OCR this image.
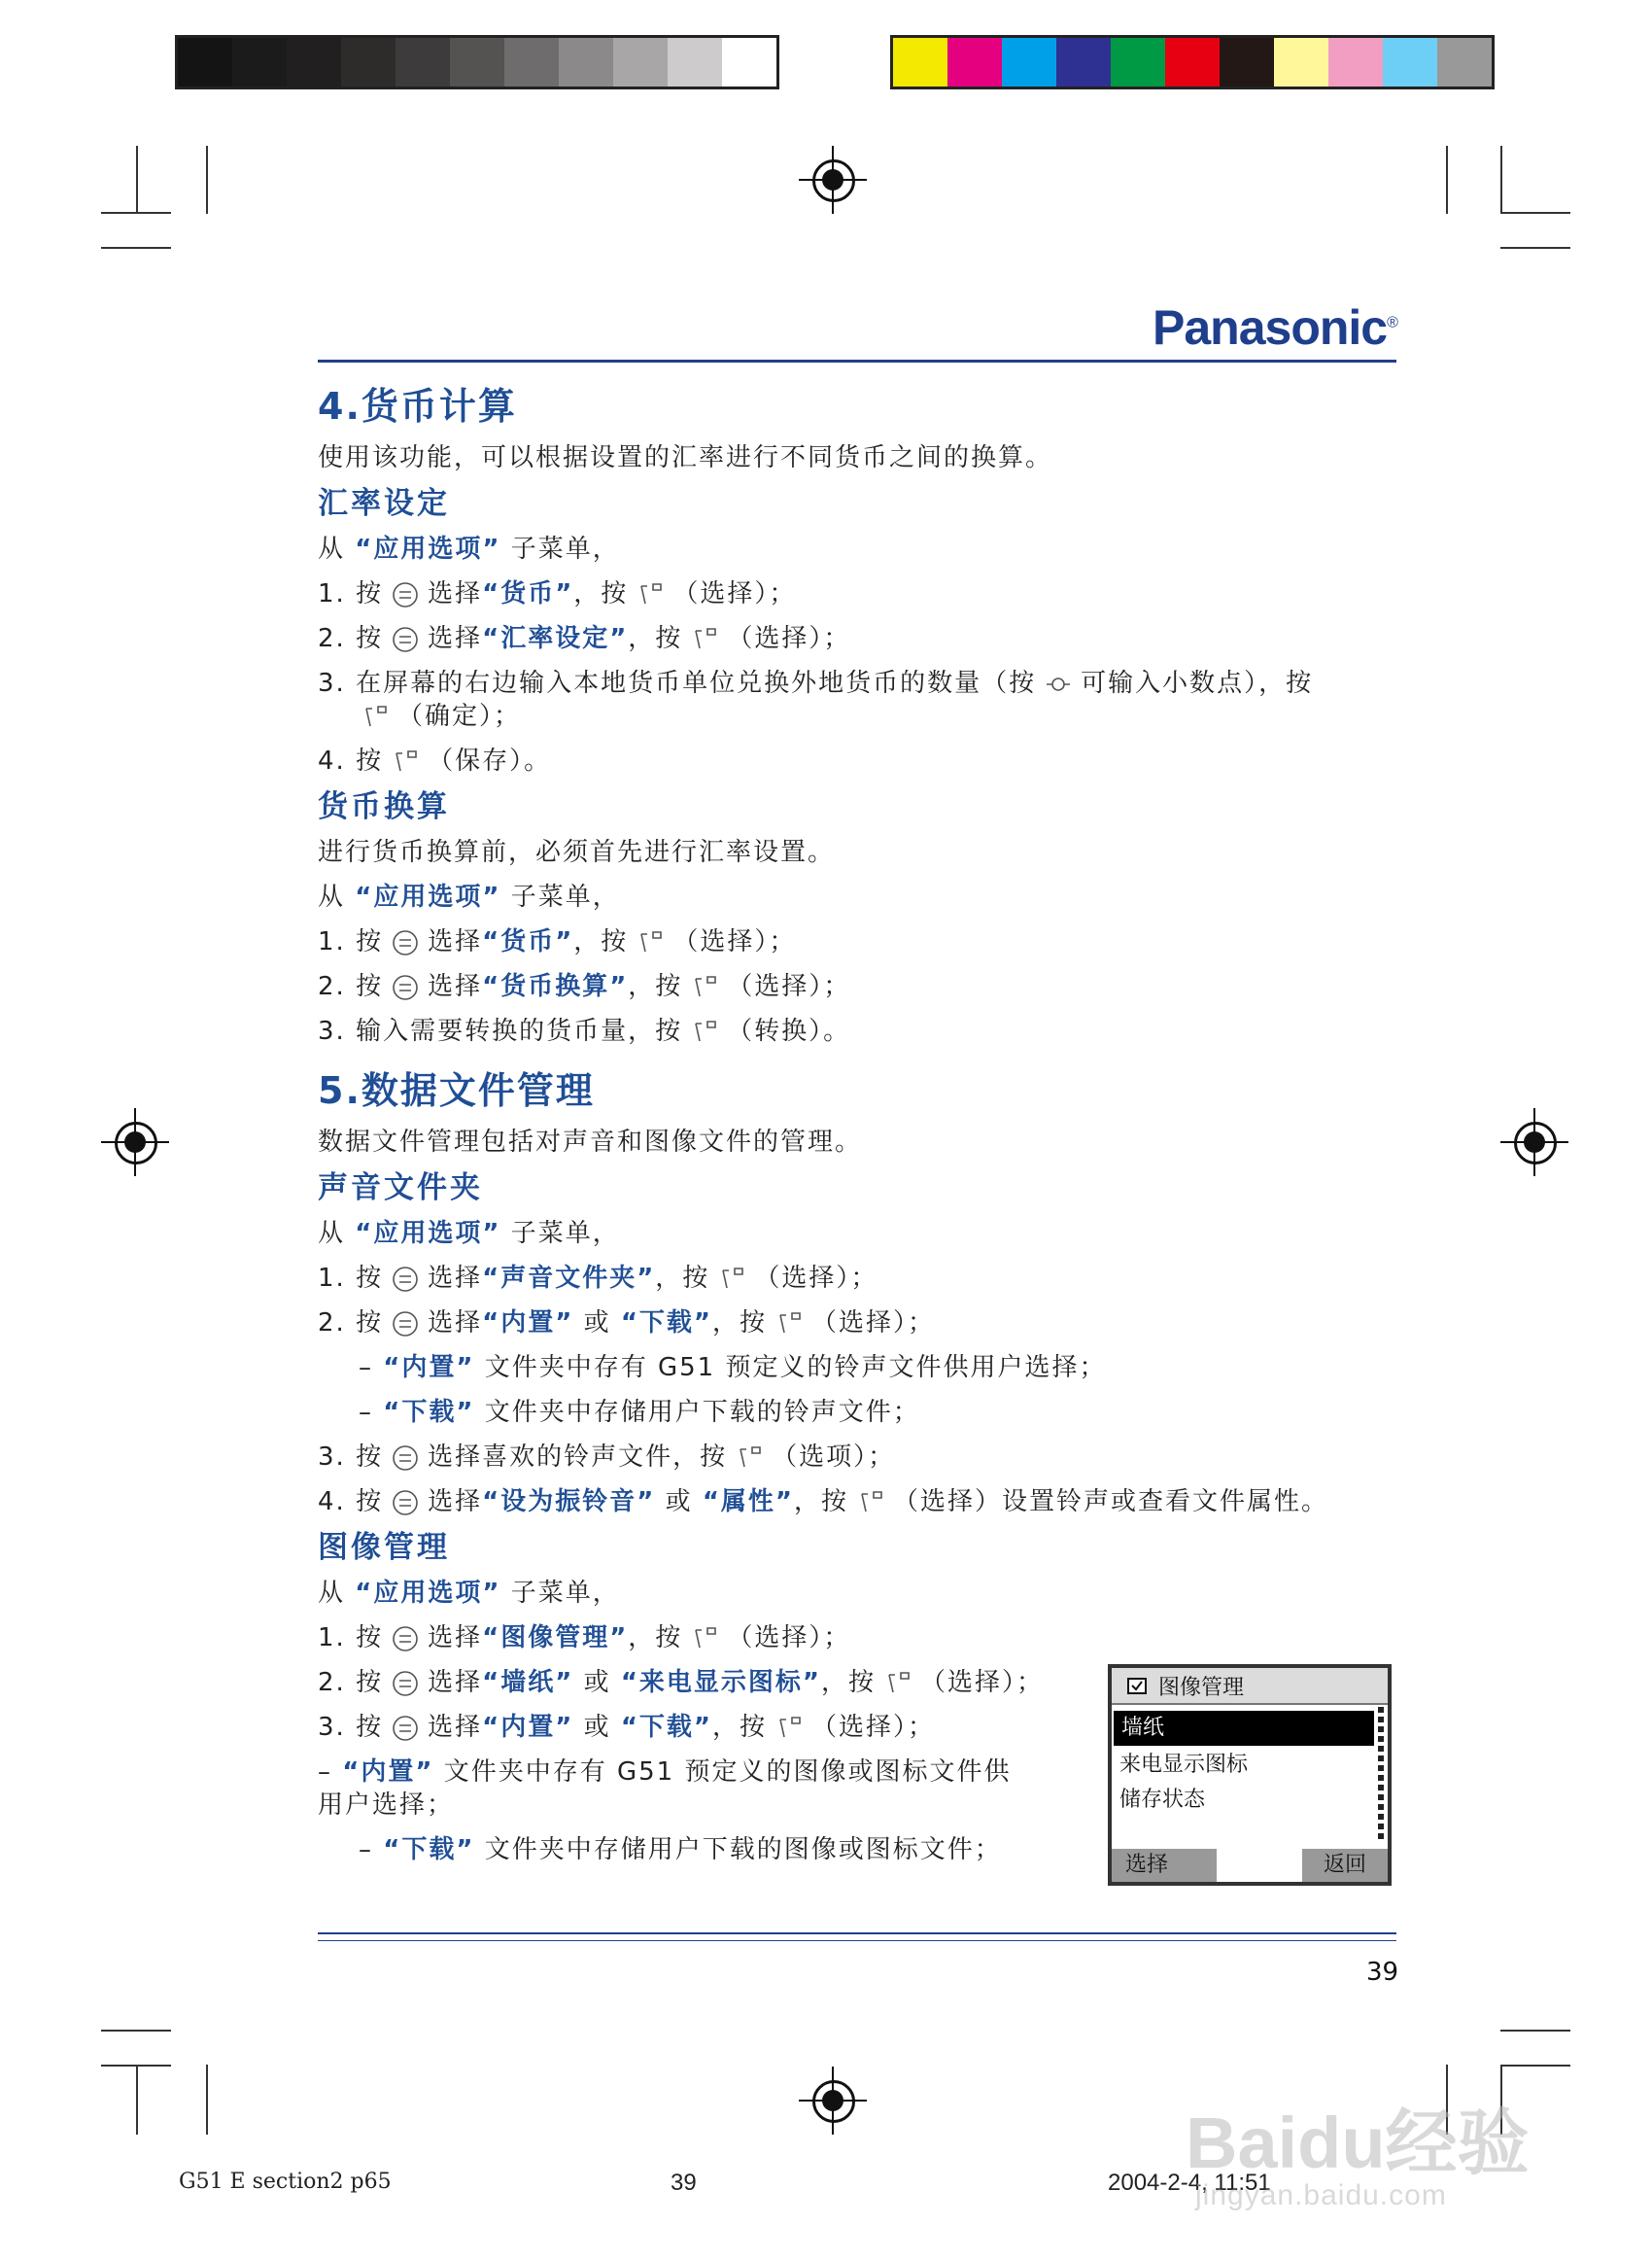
Panasonic®
4.货币计算
使用该功能，可以根据设置的汇率进行不同货币之间的换算。
汇率设定
从 “应用选项” 子菜单，
1. 按 选择“货币”，按 （选择）；
2. 按 选择“汇率设定”，按 （选择）；
3. 在屏幕的右边输入本地货币单位兑换外地货币的数量（按 可输入小数点），按
（确定）；
4. 按 （保存）。
货币换算
进行货币换算前，必须首先进行汇率设置。
从 “应用选项” 子菜单，
1. 按 选择“货币”，按 （选择）；
2. 按 选择“货币换算”，按 （选择）；
3. 输入需要转换的货币量，按 （转换）。
5.数据文件管理
数据文件管理包括对声音和图像文件的管理。
声音文件夹
从 “应用选项” 子菜单，
1. 按 选择“声音文件夹”，按 （选择）；
2. 按 选择“内置” 或 “下载”，按 （选择）；
– “内置” 文件夹中存有 G51 预定义的铃声文件供用户选择；
– “下载” 文件夹中存储用户下载的铃声文件；
3. 按 选择喜欢的铃声文件，按 （选项）；
4. 按 选择“设为振铃音” 或 “属性”，按 （选择）设置铃声或查看文件属性。
图像管理
从 “应用选项” 子菜单，
1. 按 选择“图像管理”，按 （选择）；
2. 按 选择“墙纸” 或 “来电显示图标”，按 （选择）；
3. 按 选择“内置” 或 “下载”，按 （选择）；
– “内置” 文件夹中存有 G51 预定义的图像或图标文件供用户选择；
– “下载” 文件夹中存储用户下载的图像或图标文件；
图像管理
墙纸
来电显示图标
储存状态
选择	返回
39
G51 E section2 p65	39	2004-2-4, 11:51
Baidu经验
jingyan.baidu.com
